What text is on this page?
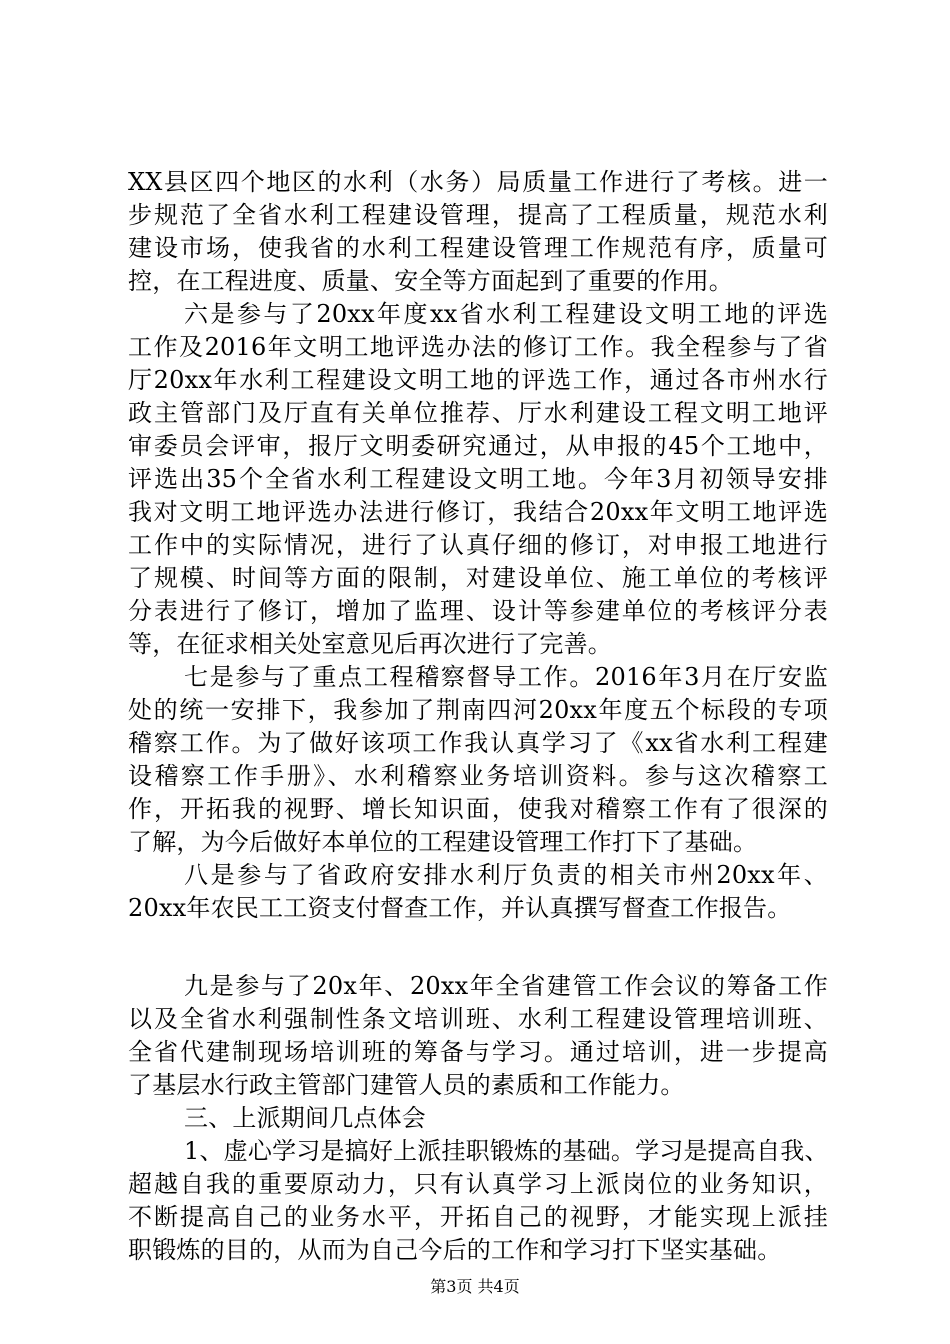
XX县区四个地区的水利（水务）局质量工作进行了考核。进一
步规范了全省水利工程建设管理，提高了工程质量，规范水利
建设市场，使我省的水利工程建设管理工作规范有序，质量可
控，在工程进度、质量、安全等方面起到了重要的作用。
六是参与了20xx年度xx省水利工程建设文明工地的评选
工作及2016年文明工地评选办法的修订工作。我全程参与了省
厅20xx年水利工程建设文明工地的评选工作，通过各市州水行
政主管部门及厅直有关单位推荐、厅水利建设工程文明工地评
审委员会评审，报厅文明委研究通过，从申报的45个工地中，
评选出35个全省水利工程建设文明工地。今年3月初领导安排
我对文明工地评选办法进行修订，我结合20xx年文明工地评选
工作中的实际情况，进行了认真仔细的修订，对申报工地进行
了规模、时间等方面的限制，对建设单位、施工单位的考核评
分表进行了修订，增加了监理、设计等参建单位的考核评分表
等，在征求相关处室意见后再次进行了完善。
七是参与了重点工程稽察督导工作。2016年3月在厅安监
处的统一安排下，我参加了荆南四河20xx年度五个标段的专项
稽察工作。为了做好该项工作我认真学习了《xx省水利工程建
设稽察工作手册》、水利稽察业务培训资料。参与这次稽察工
作，开拓我的视野、增长知识面，使我对稽察工作有了很深的
了解，为今后做好本单位的工程建设管理工作打下了基础。
八是参与了省政府安排水利厅负责的相关市州20xx年、
20xx年农民工工资支付督查工作，并认真撰写督查工作报告。
九是参与了20x年、20xx年全省建管工作会议的筹备工作
以及全省水利强制性条文培训班、水利工程建设管理培训班、
全省代建制现场培训班的筹备与学习。通过培训，进一步提高
了基层水行政主管部门建管人员的素质和工作能力。
三、上派期间几点体会
1、虚心学习是搞好上派挂职锻炼的基础。学习是提高自我、
超越自我的重要原动力，只有认真学习上派岗位的业务知识，
不断提高自己的业务水平，开拓自己的视野，才能实现上派挂
职锻炼的目的，从而为自己今后的工作和学习打下坚实基础。
第3页 共4页
